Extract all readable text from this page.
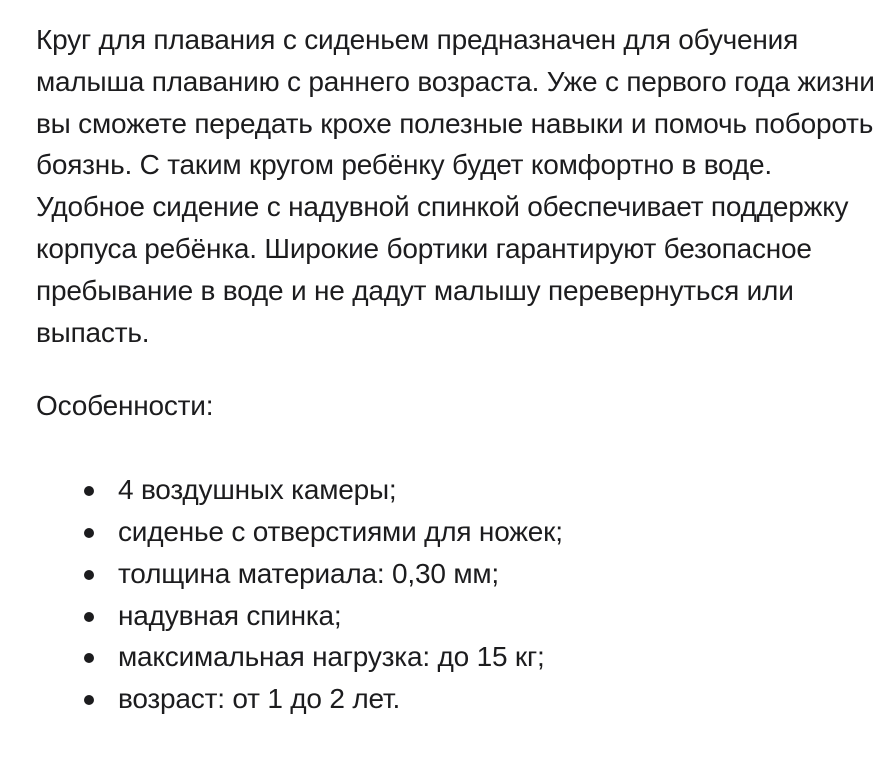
Круг для плавания с сиденьем предназначен для обучения малыша плаванию с раннего возраста. Уже с первого года жизни вы сможете передать крохе полезные навыки и помочь побороть боязнь. С таким кругом ребёнку будет комфортно в воде. Удобное сидение с надувной спинкой обеспечивает поддержку корпуса ребёнка. Широкие бортики гарантируют безопасное пребывание в воде и не дадут малышу перевернуться или выпасть.

Особенности:

4 воздушных камеры;
сиденье с отверстиями для ножек;
толщина материала: 0,30 мм;
надувная спинка;
максимальная нагрузка: до 15 кг;
возраст: от 1 до 2 лет.
